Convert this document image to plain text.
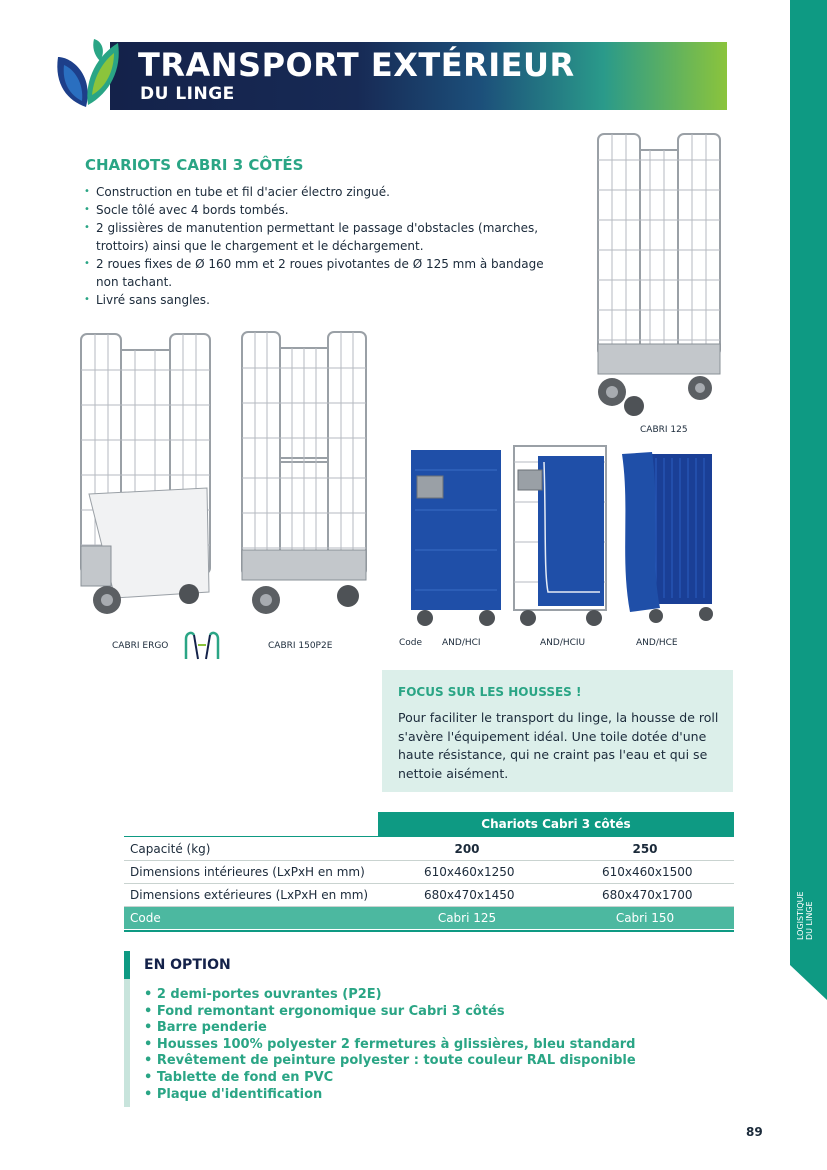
LOGISTIQUE DU LINGE
TRANSPORT EXTÉRIEUR
DU LINGE
CHARIOTS CABRI 3 CÔTÉS
• Construction en tube et fil d'acier électro zingué.
• Socle tôlé avec 4 bords tombés.
• 2 glissières de manutention permettant le passage d'obstacles (marches, trottoirs) ainsi que le chargement et le déchargement.
• 2 roues fixes de Ø 160 mm et 2 roues pivotantes de Ø 125 mm à bandage non tachant.
• Livré sans sangles.
CABRI 125
CABRI ERGO	CABRI 150P2E	Code AND/HCI	AND/HCIU	AND/HCE
FOCUS SUR LES HOUSSES !
Pour faciliter le transport du linge, la housse de roll s'avère l'équipement idéal. Une toile dotée d'une haute résistance, qui ne craint pas l'eau et qui se nettoie aisément.
Chariots Cabri 3 côtés
Capacité (kg)	200	250
Dimensions intérieures (LxPxH en mm)	610x460x1250	610x460x1500
Dimensions extérieures (LxPxH en mm)	680x470x1450	680x470x1700
Code	Cabri 125	Cabri 150
EN OPTION
• 2 demi-portes ouvrantes (P2E)
• Fond remontant ergonomique sur Cabri 3 côtés
• Barre penderie
• Housses 100% polyester 2 fermetures à glissières, bleu standard
• Revêtement de peinture polyester : toute couleur RAL disponible
• Tablette de fond en PVC
• Plaque d'identification
89
